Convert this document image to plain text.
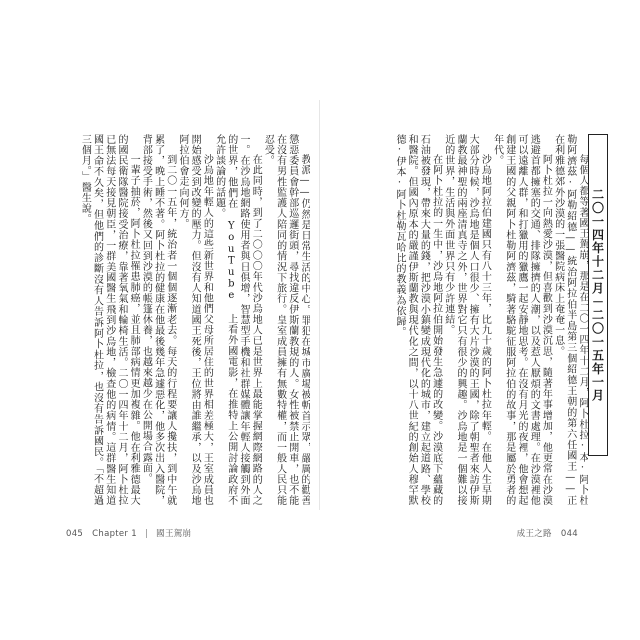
二〇一四年十二月－二〇一五年一月

每個人都等著國王駕崩，那是在二〇一四年十二月，阿卜杜拉·本·阿卜杜勒阿濟茲·阿勒紹德——統治阿拉伯半島第三個紹德王朝的第六任國王——正在利雅德郊外沙漠的一張醫院病床上奄奄一息。

阿卜杜拉一向熱愛沙漠，但喜歡到沙漠沉思，隨著年事增加，他更常在沙漠逃避首都擁塞的交通、排隊擁擠的人潮，以及惹人厭煩的文書處理。在沙漠裡他可以遠離人群，和打獵用的獵鷹一起安靜地思考。在沒有月光的夜裡，他會想起創建王國的父親阿卜杜勒阿濟茲，騎著駱駝征服阿拉伯的故事，那是屬於勇者的年代。

沙烏地阿拉伯建國只有八十三年，比九十歲的阿卜杜拉年輕。在他人生早期大部分時候，沙烏地是個人口很少、擁有大片沙漠的王國，除了朝聖者來訪伊斯蘭教最神聖的兩座清真寺之外，世界對它只有很少的興趣。沙烏地是一個難以接近的世界，生活與外面世界只有少許連結。

在阿卜杜拉的一生中，沙烏地阿拉伯開始發生急遽的改變。沙漠底下蘊藏的石油被發現，帶來大量的錢，把沙漠小鎮變成現代化的城市，建立起道路、學校和醫院。但國內原本的嚴謹伊斯蘭教與現代化之間，以十八世紀的創始人穆罕默德·伊本·阿卜杜勒瓦哈比的教義為依歸。

教派——仍然是日常生活的中心。罪犯在城市廣場被斬首示眾，嚴厲的勸善懲惡委員會幹部巡邏街頭，尋找違反伊斯蘭教規的人。女性被禁止開車，也不能在沒有男性監護人陪同的情況下旅行。皇室成員擁有無數特權，而一般人民只能忍受。

在此同時，到了二〇〇〇年代沙烏地人已是世界上最能掌握網際網路的人之一。在沙烏地網路使用者與日俱增，智慧型手機和社群媒體讓年輕人接觸到外面的世界，他們在 YouTube 上看外國電影，在推特上公開討論政府不允許談論的話題。

沙烏地年輕人的這些新世界和他們父母所居住的世界相差極大，王室成員也開始感受到改變的壓力。但沒有人知道國王死後，王位將由誰繼承，以及沙烏地阿拉伯會走向何方。

到二〇一五年，統治者一個個逐漸老去。每天的行程要讓人攙扶，到中午就累了，晚上睡不著。阿卜杜拉的健康在他最後幾年急遽惡化，他多次出入醫院，背部接受手術，然後又回到沙漠的帳篷休養，也越來越少在公開場合露面。

一輩子抽菸，阿卜杜拉罹患肺癌，並且肺部病情更加複雜。他在利雅德最大的國民衛隊醫院接受治療，靠著氧氣和輪椅生活。二〇一四年十二月，阿卜杜拉已無法每天接見朝臣，一群美國醫生飛到沙烏地，檢查他的病情。這群醫生知道國王命不久矣，但他們的診斷沒有人告訴阿卜杜拉，也沒有告訴國民。「不超過三個月。」醫生說。

045 Chapter 1 | 國王駕崩	成王之路 044
